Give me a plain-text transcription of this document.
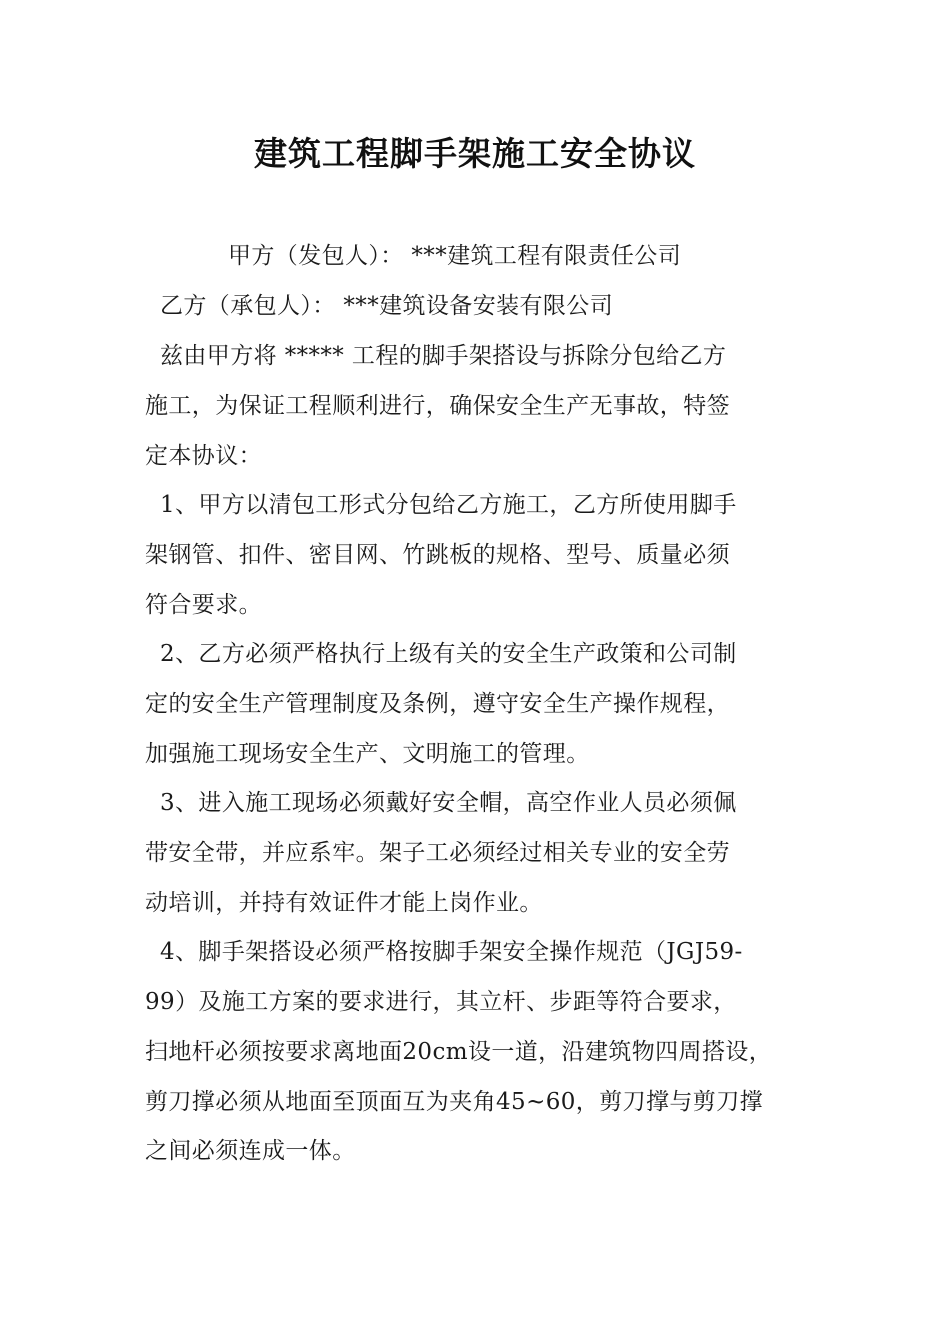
建筑工程脚手架施工安全协议
甲方（发包人）： ***建筑工程有限责任公司
乙方（承包人）： ***建筑设备安装有限公司
兹由甲方将 ***** 工程的脚手架搭设与拆除分包给乙方
施工，为保证工程顺利进行，确保安全生产无事故，特签
定本协议：
1、甲方以清包工形式分包给乙方施工，乙方所使用脚手
架钢管、扣件、密目网、竹跳板的规格、型号、质量必须
符合要求。
2、乙方必须严格执行上级有关的安全生产政策和公司制
定的安全生产管理制度及条例，遵守安全生产操作规程，
加强施工现场安全生产、文明施工的管理。
3、进入施工现场必须戴好安全帽，高空作业人员必须佩
带安全带，并应系牢。架子工必须经过相关专业的安全劳
动培训，并持有效证件才能上岗作业。
4、脚手架搭设必须严格按脚手架安全操作规范（JGJ59-
99）及施工方案的要求进行，其立杆、步距等符合要求，
扫地杆必须按要求离地面20cm设一道，沿建筑物四周搭设，
剪刀撑必须从地面至顶面互为夹角45~60，剪刀撑与剪刀撑
之间必须连成一体。
